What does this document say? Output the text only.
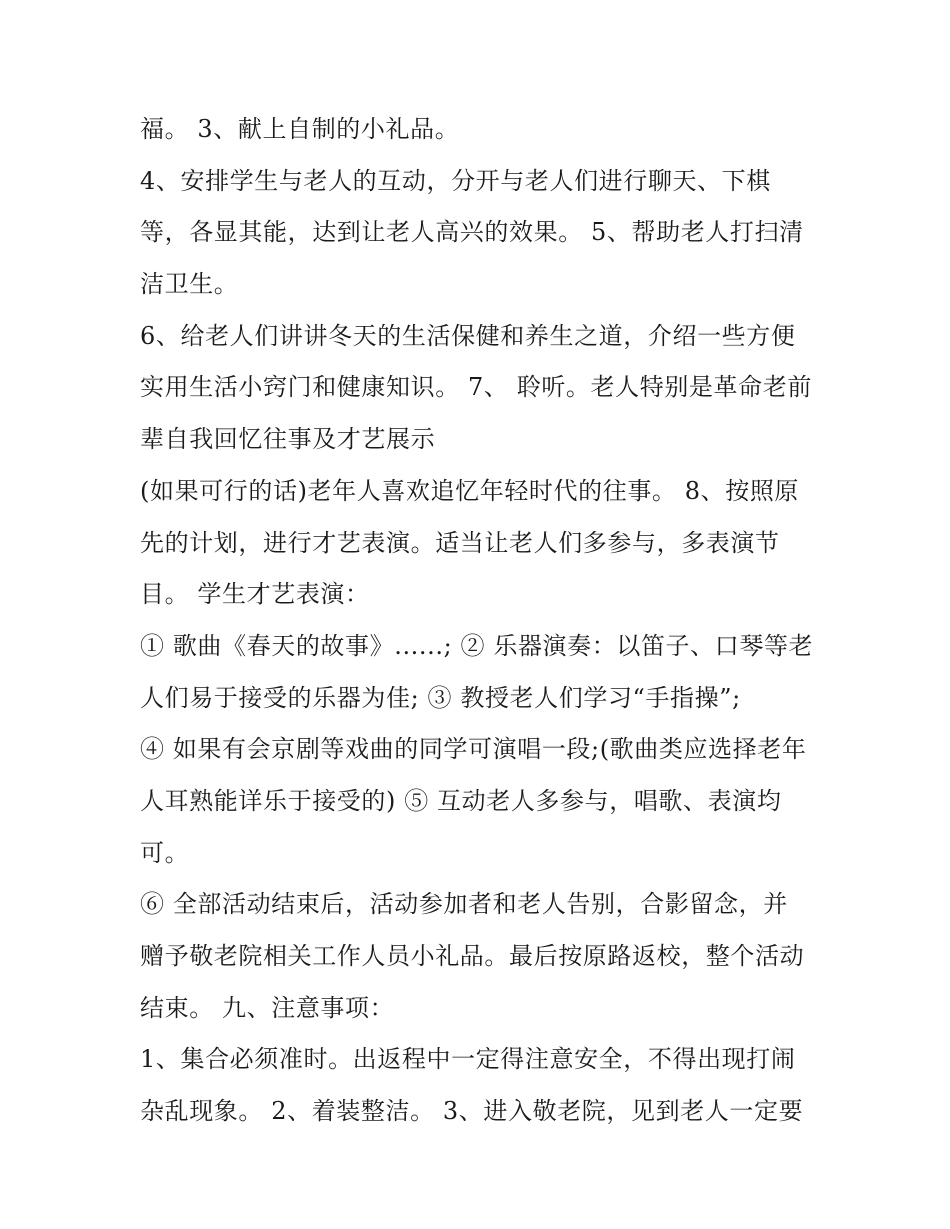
福。 3、献上自制的小礼品。
4、安排学生与老人的互动，分开与老人们进行聊天、下棋
等，各显其能，达到让老人高兴的效果。 5、帮助老人打扫清
洁卫生。
6、给老人们讲讲冬天的生活保健和养生之道，介绍一些方便
实用生活小窍门和健康知识。 7、 聆听。老人特别是革命老前
辈自我回忆往事及才艺展示
(如果可行的话)老年人喜欢追忆年轻时代的往事。 8、按照原
先的计划，进行才艺表演。适当让老人们多参与，多表演节
目。 学生才艺表演：
① 歌曲《春天的故事》......; ② 乐器演奏：以笛子、口琴等老
人们易于接受的乐器为佳; ③ 教授老人们学习“手指操”;
④ 如果有会京剧等戏曲的同学可演唱一段;(歌曲类应选择老年
人耳熟能详乐于接受的) ⑤ 互动老人多参与，唱歌、表演均
可。
⑥ 全部活动结束后，活动参加者和老人告别，合影留念，并
赠予敬老院相关工作人员小礼品。最后按原路返校，整个活动
结束。 九、注意事项：
1、集合必须准时。出返程中一定得注意安全，不得出现打闹
杂乱现象。 2、着装整洁。 3、进入敬老院，见到老人一定要
